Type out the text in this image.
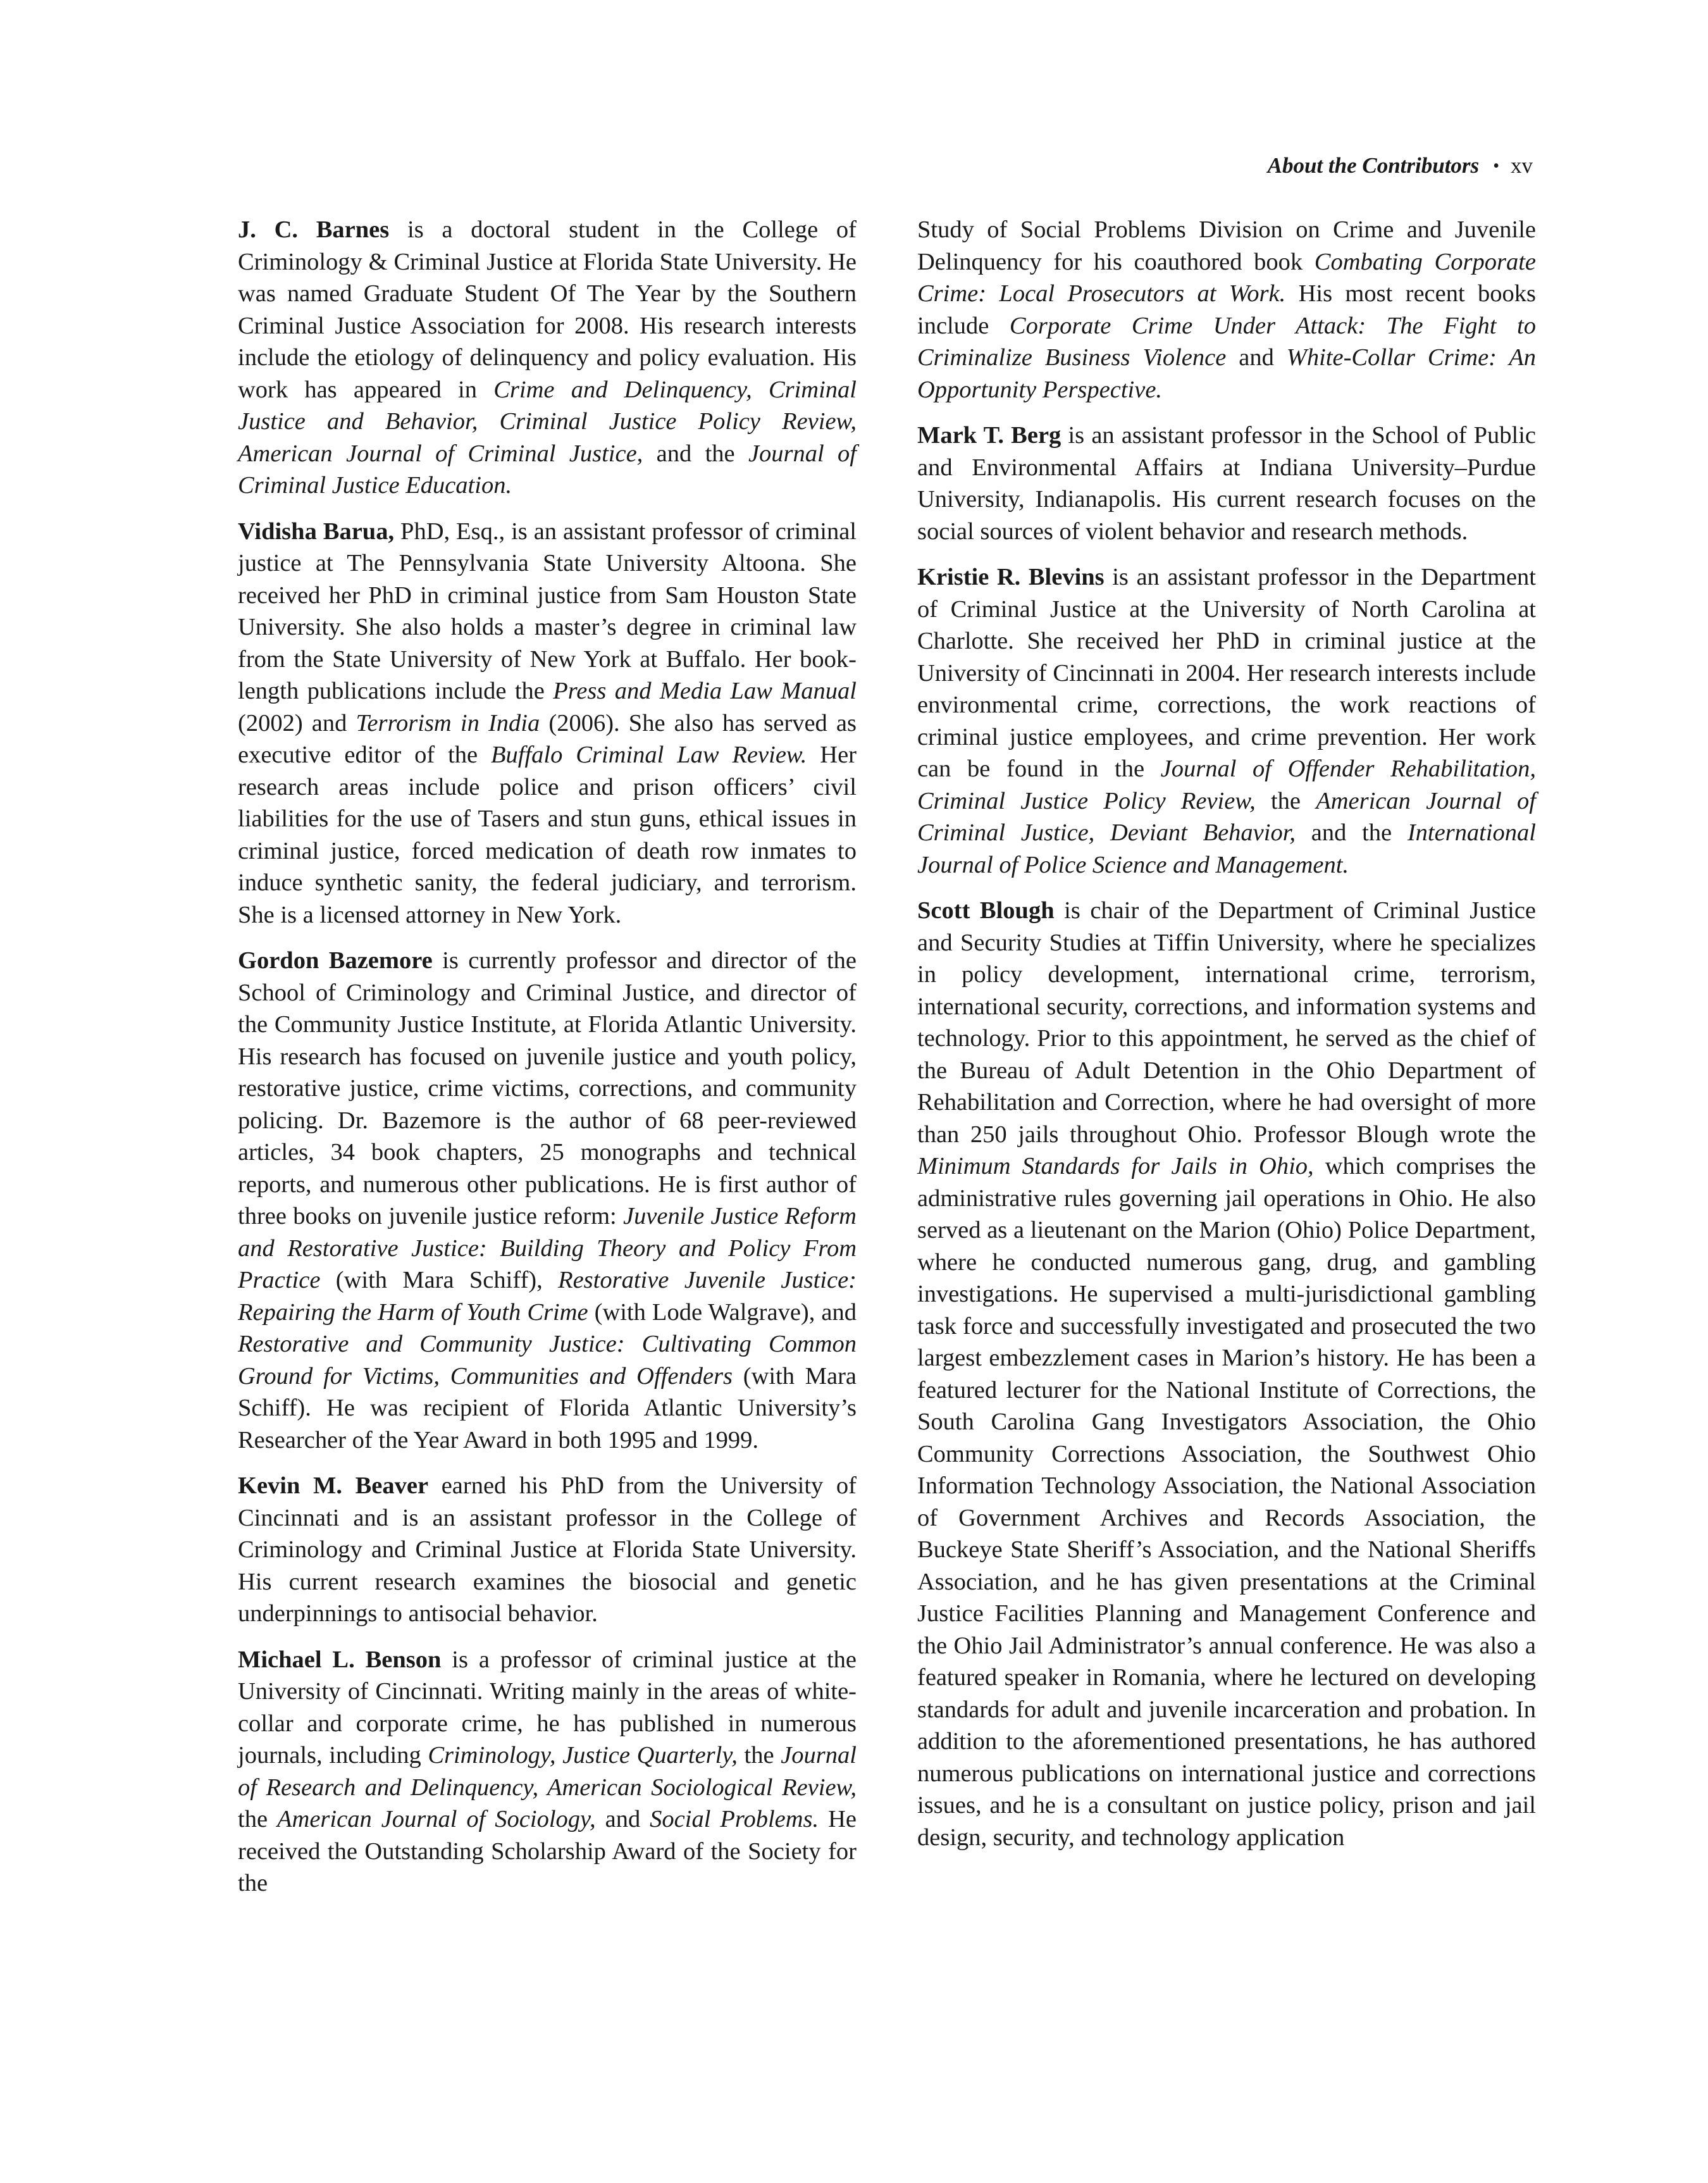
About the Contributors • xv

J. C. Barnes is a doctoral student in the College of Criminology & Criminal Justice at Florida State University. He was named Graduate Student Of The Year by the Southern Criminal Justice Association for 2008. His research interests include the etiology of delinquency and policy evaluation. His work has appeared in Crime and Delinquency, Criminal Justice and Behavior, Criminal Justice Policy Review, American Journal of Criminal Justice, and the Journal of Criminal Justice Education.

Vidisha Barua, PhD, Esq., is an assistant professor of criminal justice at The Pennsylvania State University Altoona. She received her PhD in criminal justice from Sam Houston State University. She also holds a master’s degree in criminal law from the State University of New York at Buffalo. Her book-length publications include the Press and Media Law Manual (2002) and Terrorism in India (2006). She also has served as executive editor of the Buffalo Criminal Law Review. Her research areas include police and prison officers’ civil liabilities for the use of Tasers and stun guns, ethical issues in criminal justice, forced medication of death row inmates to induce synthetic sanity, the federal judiciary, and terrorism. She is a licensed attorney in New York.

Gordon Bazemore is currently professor and director of the School of Criminology and Criminal Justice, and director of the Community Justice Institute, at Florida Atlantic University. His research has focused on juvenile justice and youth policy, restorative justice, crime victims, corrections, and community policing. Dr. Bazemore is the author of 68 peer-reviewed articles, 34 book chapters, 25 monographs and technical reports, and numerous other publications. He is first author of three books on juvenile justice reform: Juvenile Justice Reform and Restorative Justice: Building Theory and Policy From Practice (with Mara Schiff), Restorative Juvenile Justice: Repairing the Harm of Youth Crime (with Lode Walgrave), and Restorative and Community Justice: Cultivating Common Ground for Victims, Communities and Offenders (with Mara Schiff). He was recipient of Florida Atlantic University’s Researcher of the Year Award in both 1995 and 1999.

Kevin M. Beaver earned his PhD from the University of Cincinnati and is an assistant professor in the College of Criminology and Criminal Justice at Florida State University. His current research examines the biosocial and genetic underpinnings to antisocial behavior.

Michael L. Benson is a professor of criminal justice at the University of Cincinnati. Writing mainly in the areas of white-collar and corporate crime, he has published in numerous journals, including Criminology, Justice Quarterly, the Journal of Research and Delinquency, American Sociological Review, the American Journal of Sociology, and Social Problems. He received the Outstanding Scholarship Award of the Society for the

Study of Social Problems Division on Crime and Juvenile Delinquency for his coauthored book Combating Corporate Crime: Local Prosecutors at Work. His most recent books include Corporate Crime Under Attack: The Fight to Criminalize Business Violence and White-Collar Crime: An Opportunity Perspective.

Mark T. Berg is an assistant professor in the School of Public and Environmental Affairs at Indiana University–Purdue University, Indianapolis. His current research focuses on the social sources of violent behavior and research methods.

Kristie R. Blevins is an assistant professor in the Department of Criminal Justice at the University of North Carolina at Charlotte. She received her PhD in criminal justice at the University of Cincinnati in 2004. Her research interests include environmental crime, corrections, the work reactions of criminal justice employees, and crime prevention. Her work can be found in the Journal of Offender Rehabilitation, Criminal Justice Policy Review, the American Journal of Criminal Justice, Deviant Behavior, and the International Journal of Police Science and Management.

Scott Blough is chair of the Department of Criminal Justice and Security Studies at Tiffin University, where he specializes in policy development, international crime, terrorism, international security, corrections, and information systems and technology. Prior to this appointment, he served as the chief of the Bureau of Adult Detention in the Ohio Department of Rehabilitation and Correction, where he had oversight of more than 250 jails throughout Ohio. Professor Blough wrote the Minimum Standards for Jails in Ohio, which comprises the administrative rules governing jail operations in Ohio. He also served as a lieutenant on the Marion (Ohio) Police Department, where he conducted numerous gang, drug, and gambling investigations. He supervised a multi-jurisdictional gambling task force and successfully investigated and prosecuted the two largest embezzlement cases in Marion’s history. He has been a featured lecturer for the National Institute of Corrections, the South Carolina Gang Investigators Association, the Ohio Community Corrections Association, the Southwest Ohio Information Technology Association, the National Association of Government Archives and Records Association, the Buckeye State Sheriff’s Association, and the National Sheriffs Association, and he has given presentations at the Criminal Justice Facilities Planning and Management Conference and the Ohio Jail Administrator’s annual conference. He was also a featured speaker in Romania, where he lectured on developing standards for adult and juvenile incarceration and probation. In addition to the aforementioned presentations, he has authored numerous publications on international justice and corrections issues, and he is a consultant on justice policy, prison and jail design, security, and technology application
